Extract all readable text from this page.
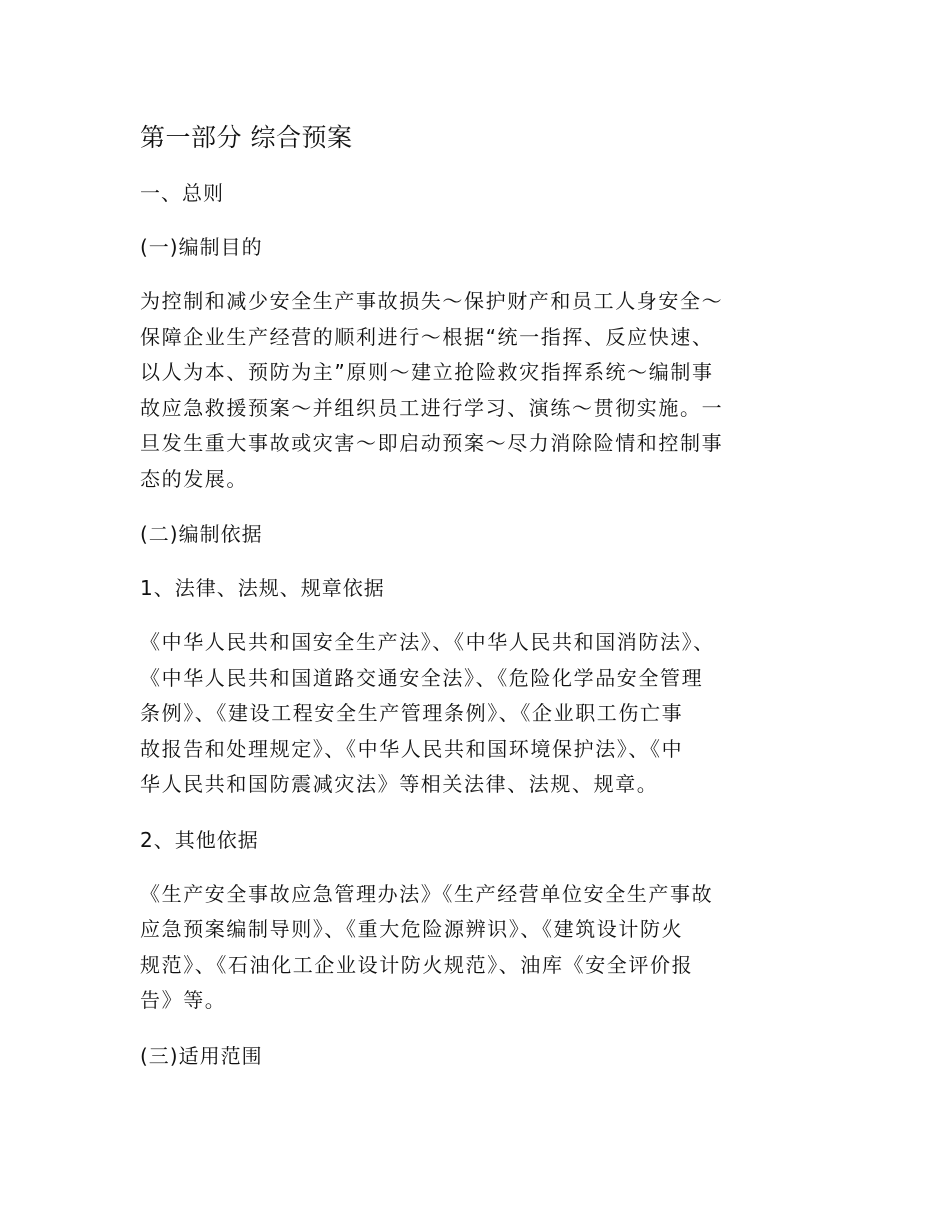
第一部分 综合预案
一、总则
(一)编制目的
为控制和减少安全生产事故损失～保护财产和员工人身安全～
保障企业生产经营的顺利进行～根据“统一指挥、反应快速、
以人为本、预防为主”原则～建立抢险救灾指挥系统～编制事
故应急救援预案～并组织员工进行学习、演练～贯彻实施。一
旦发生重大事故或灾害～即启动预案～尽力消除险情和控制事
态的发展。
(二)编制依据
1、法律、法规、规章依据
《中华人民共和国安全生产法》、《中华人民共和国消防法》、
《中华人民共和国道路交通安全法》、《危险化学品安全管理
条例》、《建设工程安全生产管理条例》、《企业职工伤亡事
故报告和处理规定》、《中华人民共和国环境保护法》、《中
华人民共和国防震减灾法》等相关法律、法规、规章。
2、其他依据
《生产安全事故应急管理办法》《生产经营单位安全生产事故
应急预案编制导则》、《重大危险源辨识》、《建筑设计防火
规范》、《石油化工企业设计防火规范》、油库《安全评价报
告》等。
(三)适用范围
